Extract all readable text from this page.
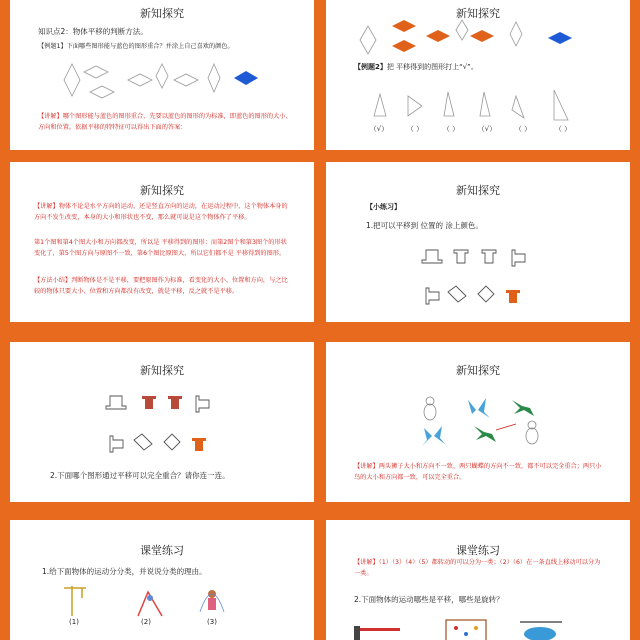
新知探究
知识点2：物体平移的判断方法。
【例题1】下面哪些图形能与蓝色的图形重合？并涂上自己喜欢的颜色。
【讲解】哪个图形能与蓝色的图形重合，先要以蓝色的图形的为标准，即蓝色的图形的大小、方向和位置。依据平移的特特征可以得出下面的答案：
新知探究
【例题2】把 平移得到的图形打上“√”。
（√）	（ ）	（ ）	（√）	（ ）	（ ）
新知探究
【讲解】物体不论是水平方向的运动，还是竖直方向的运动，在运动过程中，这个物体本身的方向不发生改变，本身的大小和形状也不变，那么就可说是这个物体作了平移。
第1个图和第4个图大小和方向都改变，所以是 平移得到的图形；而第2图个和第3图个的形状变化了，第5个图方向与原图不一致，第6个图比原图大，所以它们都不是 平移得到的图形。
【方法小结】判断物体是不是平移，要把原图作为标准，看变化的大小、位置和方向，与之比较的物体只要大小、位置和方向都没有改变，就是平移，反之就不是平移。
新知探究
【小练习】
1.把可以平移到 位置的 涂上颜色。
新知探究
2.下面哪个图形通过平移可以完全重合？请你连一连。
新知探究
【讲解】两头狮子大小和方向不一致，两只蝴蝶的方向不一致，都不可以完全重合；两只小鸟的大小和方向都一致，可以完全重合。
课堂练习
1.给下面物体的运动分分类，并说说分类的理由。
(1)	(2)	(3)
课堂练习
【讲解】（1）（3）（4）（5）都转动的可以分为一类；（2）（6）在一条直线上移动可以分为一类。
2.下面物体的运动哪些是平移，哪些是旋转？
